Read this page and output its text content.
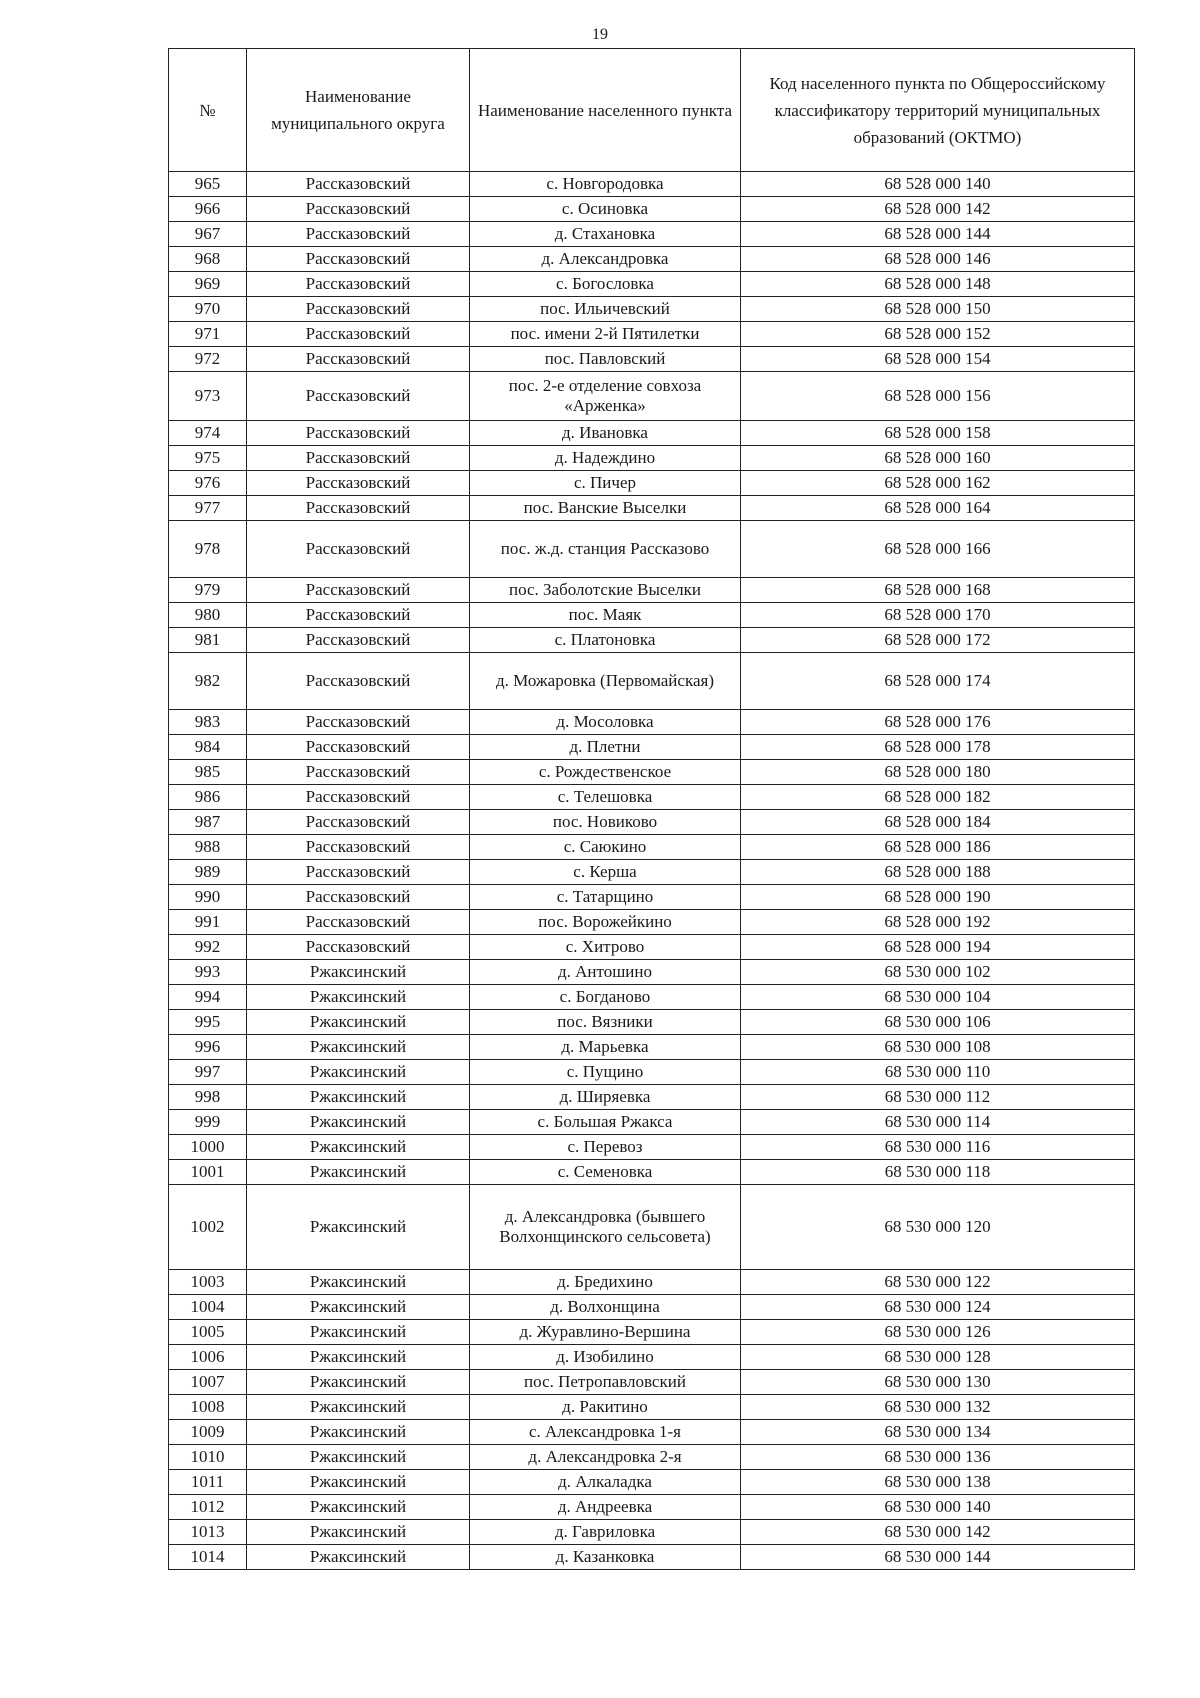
19
№	Наименование муниципального округа	Наименование населенного пункта	Код населенного пункта по Общероссийскому классификатору территорий муниципальных образований (ОКТМО)
965	Рассказовский	с. Новгородовка	68 528 000 140
966	Рассказовский	с. Осиновка	68 528 000 142
967	Рассказовский	д. Стахановка	68 528 000 144
968	Рассказовский	д. Александровка	68 528 000 146
969	Рассказовский	с. Богословка	68 528 000 148
970	Рассказовский	пос. Ильичевский	68 528 000 150
971	Рассказовский	пос. имени 2-й Пятилетки	68 528 000 152
972	Рассказовский	пос. Павловский	68 528 000 154
973	Рассказовский	пос. 2-е отделение совхоза «Арженка»	68 528 000 156
974	Рассказовский	д. Ивановка	68 528 000 158
975	Рассказовский	д. Надеждино	68 528 000 160
976	Рассказовский	с. Пичер	68 528 000 162
977	Рассказовский	пос. Ванские Выселки	68 528 000 164
978	Рассказовский	пос. ж.д. станция Рассказово	68 528 000 166
979	Рассказовский	пос. Заболотские Выселки	68 528 000 168
980	Рассказовский	пос. Маяк	68 528 000 170
981	Рассказовский	с. Платоновка	68 528 000 172
982	Рассказовский	д. Можаровка (Первомайская)	68 528 000 174
983	Рассказовский	д. Мосоловка	68 528 000 176
984	Рассказовский	д. Плетни	68 528 000 178
985	Рассказовский	с. Рождественское	68 528 000 180
986	Рассказовский	с. Телешовка	68 528 000 182
987	Рассказовский	пос. Новиково	68 528 000 184
988	Рассказовский	с. Саюкино	68 528 000 186
989	Рассказовский	с. Керша	68 528 000 188
990	Рассказовский	с. Татарщино	68 528 000 190
991	Рассказовский	пос. Ворожейкино	68 528 000 192
992	Рассказовский	с. Хитрово	68 528 000 194
993	Ржаксинский	д. Антошино	68 530 000 102
994	Ржаксинский	с. Богданово	68 530 000 104
995	Ржаксинский	пос. Вязники	68 530 000 106
996	Ржаксинский	д. Марьевка	68 530 000 108
997	Ржаксинский	с. Пущино	68 530 000 110
998	Ржаксинский	д. Ширяевка	68 530 000 112
999	Ржаксинский	с. Большая Ржакса	68 530 000 114
1000	Ржаксинский	с. Перевоз	68 530 000 116
1001	Ржаксинский	с. Семеновка	68 530 000 118
1002	Ржаксинский	д. Александровка (бывшего Волхонщинского сельсовета)	68 530 000 120
1003	Ржаксинский	д. Бредихино	68 530 000 122
1004	Ржаксинский	д. Волхонщина	68 530 000 124
1005	Ржаксинский	д. Журавлино-Вершина	68 530 000 126
1006	Ржаксинский	д. Изобилино	68 530 000 128
1007	Ржаксинский	пос. Петропавловский	68 530 000 130
1008	Ржаксинский	д. Ракитино	68 530 000 132
1009	Ржаксинский	с. Александровка 1-я	68 530 000 134
1010	Ржаксинский	д. Александровка 2-я	68 530 000 136
1011	Ржаксинский	д. Алкаладка	68 530 000 138
1012	Ржаксинский	д. Андреевка	68 530 000 140
1013	Ржаксинский	д. Гавриловка	68 530 000 142
1014	Ржаксинский	д. Казанковка	68 530 000 144
